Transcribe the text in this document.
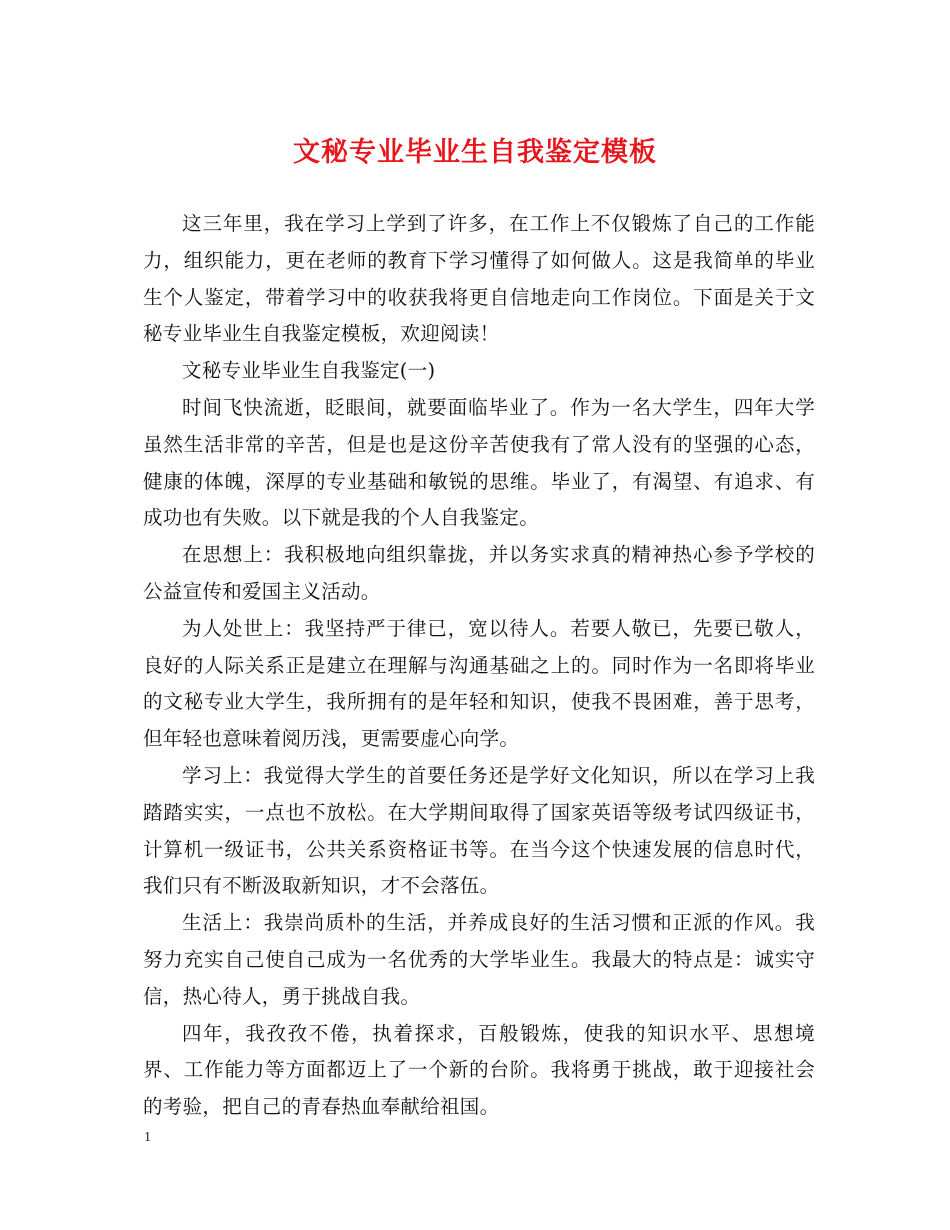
文秘专业毕业生自我鉴定模板

这三年里，我在学习上学到了许多，在工作上不仅锻炼了自己的工作能力，组织能力，更在老师的教育下学习懂得了如何做人。这是我简单的毕业生个人鉴定，带着学习中的收获我将更自信地走向工作岗位。下面是关于文秘专业毕业生自我鉴定模板，欢迎阅读！

文秘专业毕业生自我鉴定(一)

时间飞快流逝，眨眼间，就要面临毕业了。作为一名大学生，四年大学虽然生活非常的辛苦，但是也是这份辛苦使我有了常人没有的坚强的心态，健康的体魄，深厚的专业基础和敏锐的思维。毕业了，有渴望、有追求、有成功也有失败。以下就是我的个人自我鉴定。

在思想上：我积极地向组织靠拢，并以务实求真的精神热心参予学校的公益宣传和爱国主义活动。

为人处世上：我坚持严于律已，宽以待人。若要人敬已，先要已敬人，良好的人际关系正是建立在理解与沟通基础之上的。同时作为一名即将毕业的文秘专业大学生，我所拥有的是年轻和知识，使我不畏困难，善于思考，但年轻也意味着阅历浅，更需要虚心向学。

学习上：我觉得大学生的首要任务还是学好文化知识，所以在学习上我踏踏实实，一点也不放松。在大学期间取得了国家英语等级考试四级证书，计算机一级证书，公共关系资格证书等。在当今这个快速发展的信息时代，我们只有不断汲取新知识，才不会落伍。

生活上：我崇尚质朴的生活，并养成良好的生活习惯和正派的作风。我努力充实自己使自己成为一名优秀的大学毕业生。我最大的特点是：诚实守信，热心待人，勇于挑战自我。

四年，我孜孜不倦，执着探求，百般锻炼，使我的知识水平、思想境界、工作能力等方面都迈上了一个新的台阶。我将勇于挑战，敢于迎接社会的考验，把自己的青春热血奉献给祖国。

1
